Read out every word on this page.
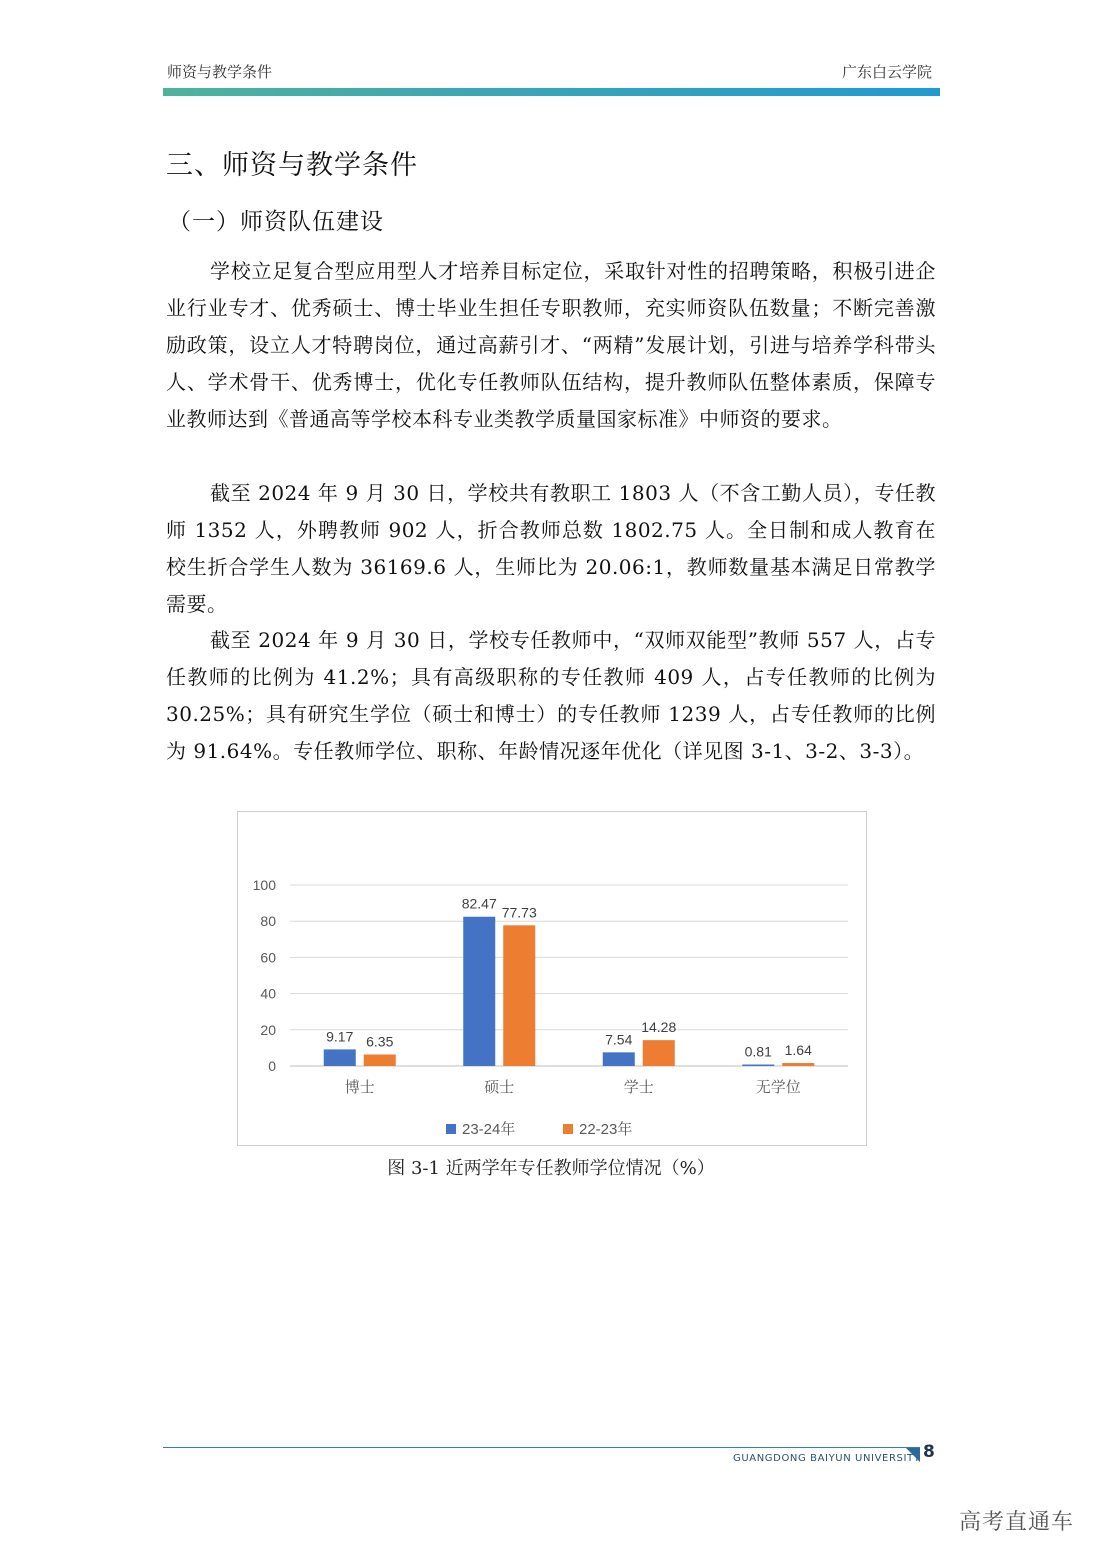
师资与教学条件	广东白云学院
三、师资与教学条件
（一）师资队伍建设

学校立足复合型应用型人才培养目标定位，采取针对性的招聘策略，积极引进企业行业专才、优秀硕士、博士毕业生担任专职教师，充实师资队伍数量；不断完善激励政策，设立人才特聘岗位，通过高薪引才、“两精”发展计划，引进与培养学科带头人、学术骨干、优秀博士，优化专任教师队伍结构，提升教师队伍整体素质，保障专业教师达到《普通高等学校本科专业类教学质量国家标准》中师资的要求。

截至 2024 年 9 月 30 日，学校共有教职工 1803 人（不含工勤人员），专任教师 1352 人，外聘教师 902 人，折合教师总数 1802.75 人。全日制和成人教育在校生折合学生人数为 36169.6 人，生师比为 20.06:1，教师数量基本满足日常教学需要。

截至 2024 年 9 月 30 日，学校专任教师中，“双师双能型”教师 557 人，占专任教师的比例为 41.2%；具有高级职称的专任教师 409 人，占专任教师的比例为 30.25%；具有研究生学位（硕士和博士）的专任教师 1239 人，占专任教师的比例为 91.64%。专任教师学位、职称、年龄情况逐年优化（详见图 3-1、3-2、3-3）。

0
20
40
60
80
100
9.17 6.35
博士
82.47
77.73
硕士
7.54
14.28
学士
0.81 1.64
无学位
23-24年	22-23年
图 3-1 近两学年专任教师学位情况（%）
GUANGDONG BAIYUN UNIVERSITY 8
高考直通车
